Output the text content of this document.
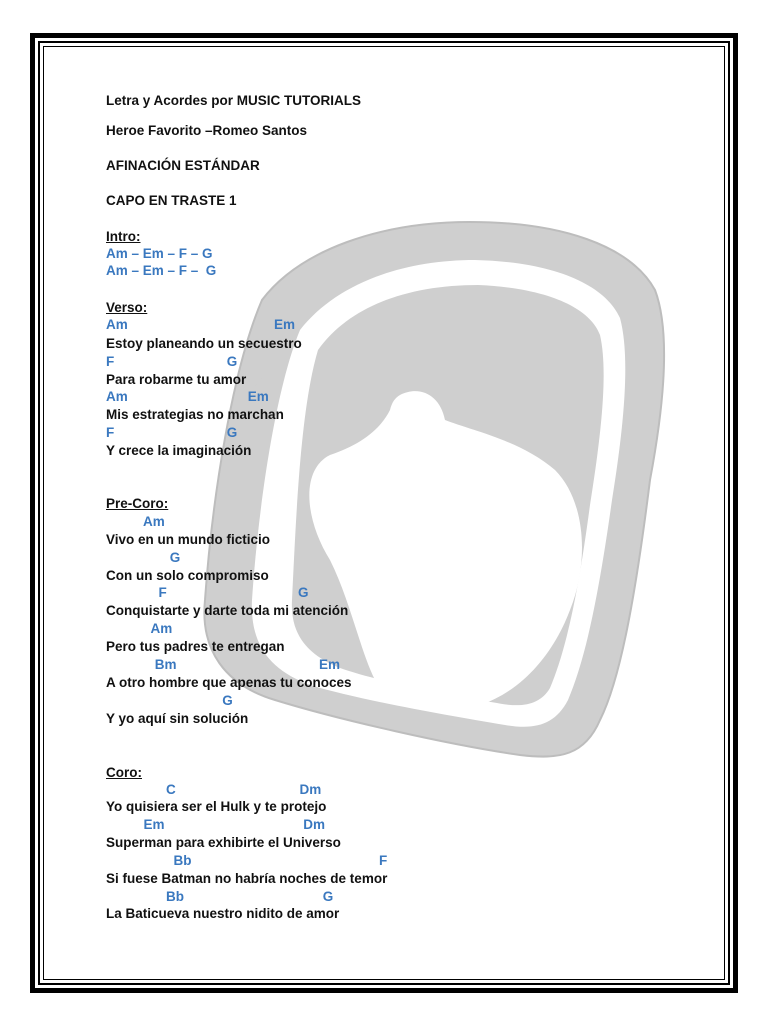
Letra y Acordes por MUSIC TUTORIALS
Heroe Favorito –Romeo Santos
AFINACIÓN ESTÁNDAR
CAPO EN TRASTE 1
Intro:
Am – Em – F – G
Am – Em – F –  G
Verso:
Am                                       Em
Estoy planeando un secuestro
F                              G
Para robarme tu amor
Am                                Em
Mis estrategias no marchan
F                              G
Y crece la imaginación
Pre-Coro:
Am
Vivo en un mundo ficticio
G
Con un solo compromiso
F                                   G
Conquistarte y darte toda mi atención
Am
Pero tus padres te entregan
Bm                                      Em
A otro hombre que apenas tu conoces
G
Y yo aquí sin solución
Coro:
C                                 Dm
Yo quisiera ser el Hulk y te protejo
Em                                     Dm
Superman para exhibirte el Universo
Bb                                                  F
Si fuese Batman no habría noches de temor
Bb                                     G
La Baticueva nuestro nidito de amor
